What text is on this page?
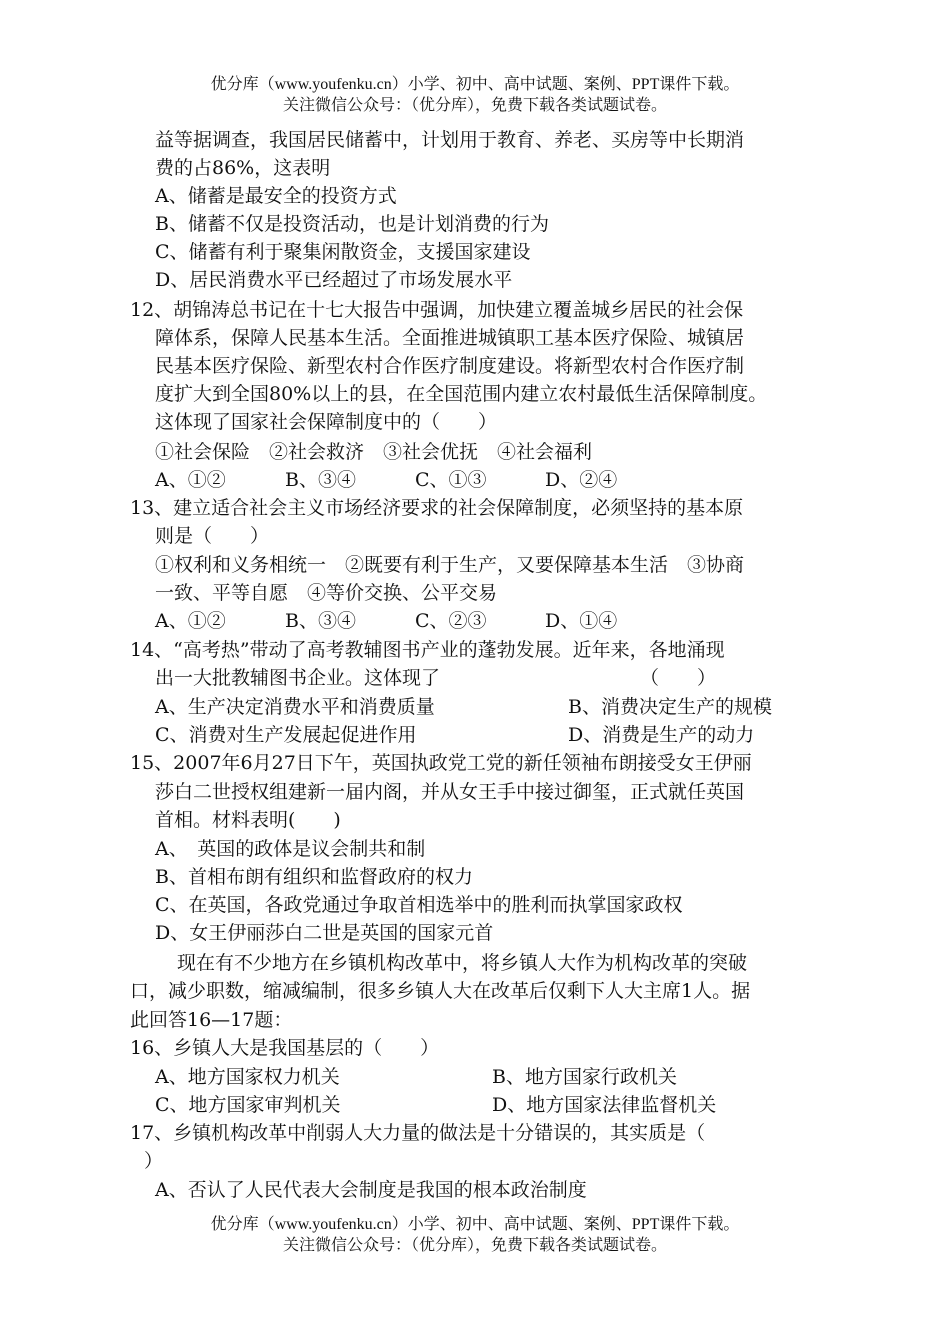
优分库（www.youfenku.cn）小学、初中、高中试题、案例、PPT课件下载。
关注微信公众号：（优分库），免费下载各类试题试卷。
益等据调查，我国居民储蓄中，计划用于教育、养老、买房等中长期消
费的占86%，这表明
A、储蓄是最安全的投资方式
B、储蓄不仅是投资活动，也是计划消费的行为
C、储蓄有利于聚集闲散资金，支援国家建设
D、居民消费水平已经超过了市场发展水平
12、胡锦涛总书记在十七大报告中强调，加快建立覆盖城乡居民的社会保
障体系，保障人民基本生活。全面推进城镇职工基本医疗保险、城镇居
民基本医疗保险、新型农村合作医疗制度建设。将新型农村合作医疗制
度扩大到全国80%以上的县，在全国范围内建立农村最低生活保障制度。
这体现了国家社会保障制度中的（　　）
①社会保险　②社会救济　③社会优抚　④社会福利
A、①②	B、③④	C、①③	D、②④
13、建立适合社会主义市场经济要求的社会保障制度，必须坚持的基本原
则是（　　）
①权利和义务相统一　②既要有利于生产，又要保障基本生活　③协商
一致、平等自愿　④等价交换、公平交易
A、①②	B、③④	C、②③	D、①④
14、“高考热”带动了高考教辅图书产业的蓬勃发展。近年来，各地涌现
出一大批教辅图书企业。这体现了	（　　）
A、生产决定消费水平和消费质量	B、消费决定生产的规模
C、消费对生产发展起促进作用	D、消费是生产的动力
15、2007年6月27日下午，英国执政党工党的新任领袖布朗接受女王伊丽
莎白二世授权组建新一届内阁，并从女王手中接过御玺，正式就任英国
首相。材料表明(　　)
A、　英国的政体是议会制共和制
B、首相布朗有组织和监督政府的权力
C、在英国，各政党通过争取首相选举中的胜利而执掌国家政权
D、女王伊丽莎白二世是英国的国家元首
现在有不少地方在乡镇机构改革中，将乡镇人大作为机构改革的突破
口，减少职数，缩减编制，很多乡镇人大在改革后仅剩下人大主席1人。据
此回答16—17题：
16、乡镇人大是我国基层的（　　）
A、地方国家权力机关	B、地方国家行政机关
C、地方国家审判机关	D、地方国家法律监督机关
17、乡镇机构改革中削弱人大力量的做法是十分错误的，其实质是（
）
A、否认了人民代表大会制度是我国的根本政治制度
优分库（www.youfenku.cn）小学、初中、高中试题、案例、PPT课件下载。
关注微信公众号：（优分库），免费下载各类试题试卷。
